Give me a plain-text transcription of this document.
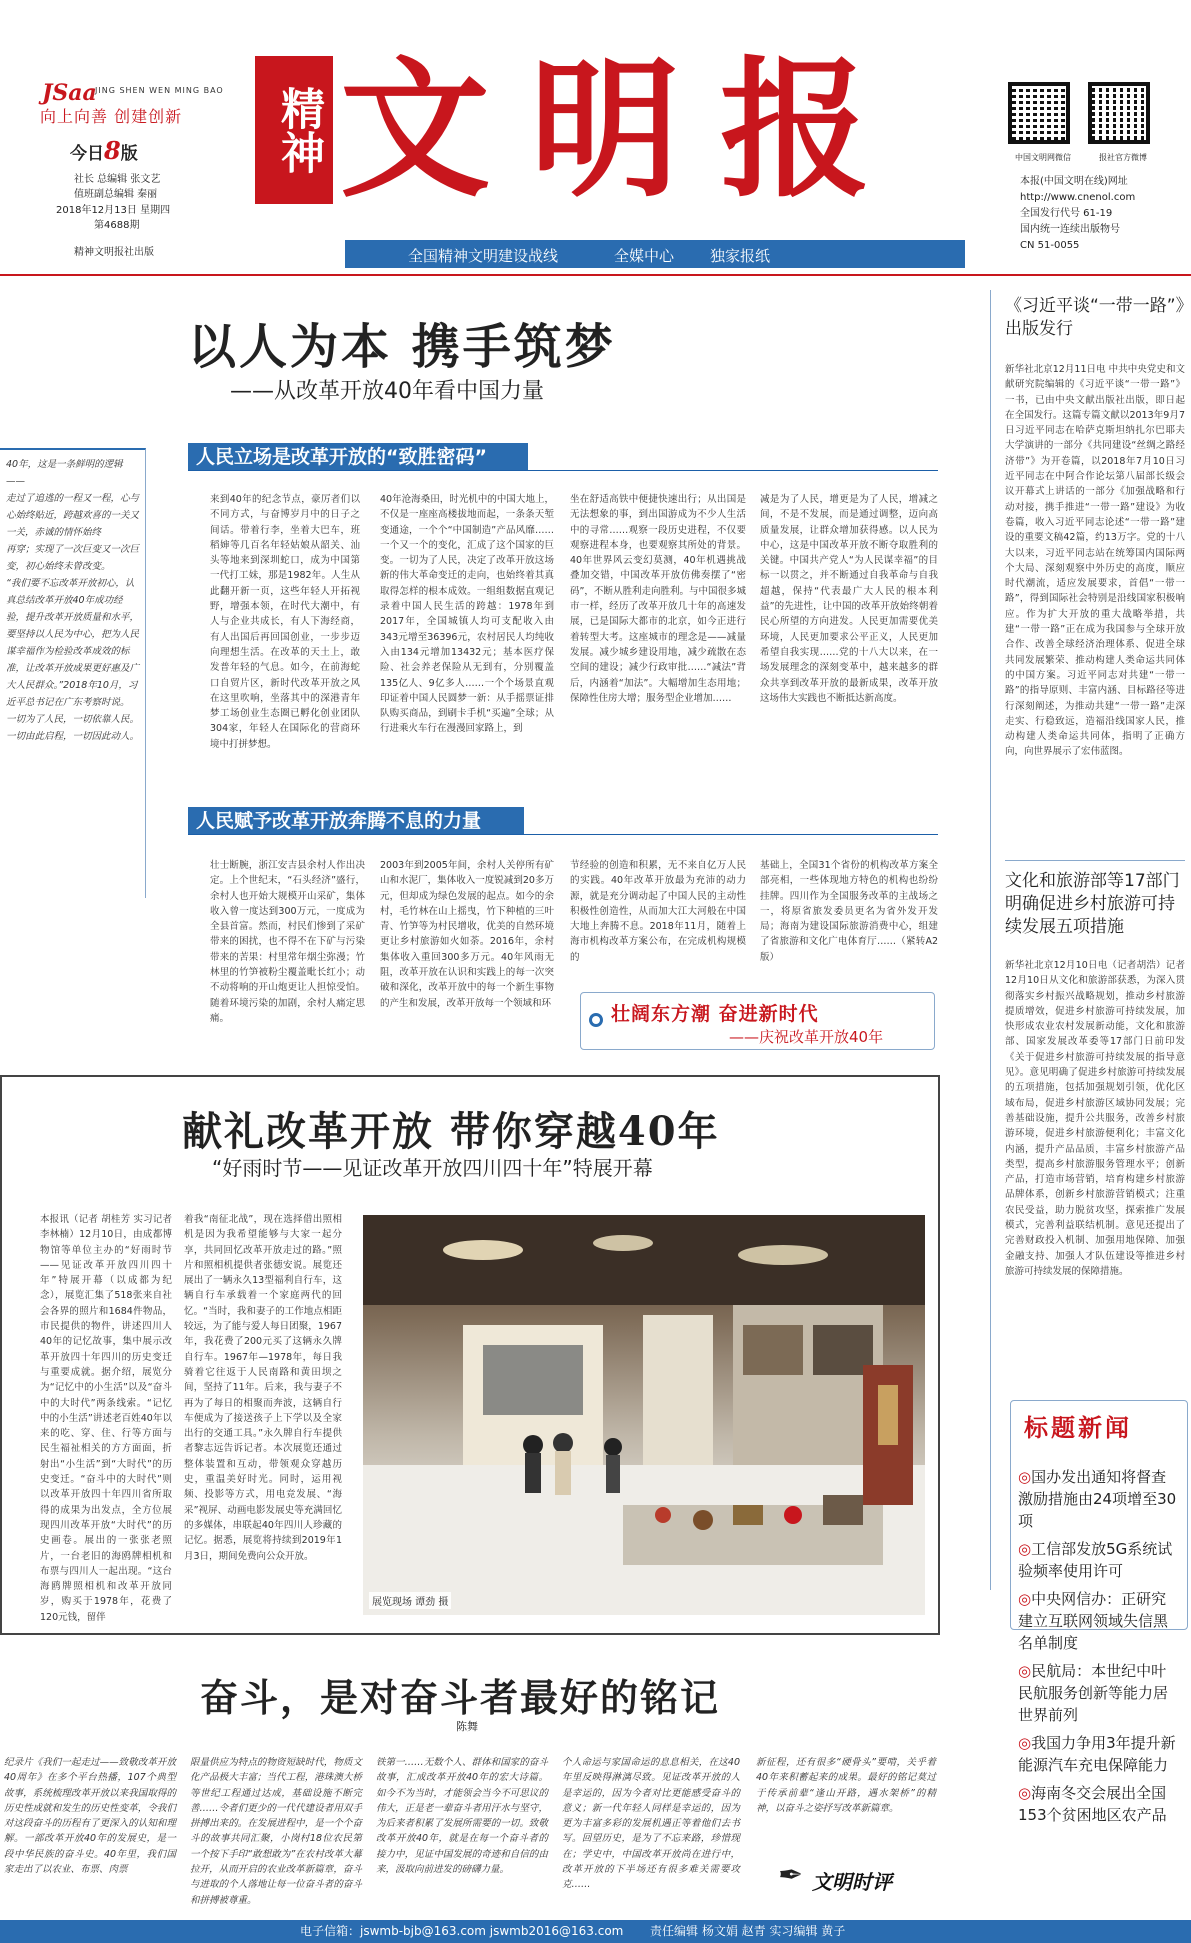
JSaa
JING SHEN WEN MING BAO
向上向善 创建创新
今日8版
社长 总编辑 张文艺
值班副总编辑 秦丽
2018年12月13日 星期四
第4688期
精神文明报社出版
精神 文明报
全国精神文明建设战线	全媒中心 独家报纸
中国文明网微信	报社官方微博
本报(中国文明在线)网址
http://www.cnenol.com
全国发行代号 61-19
国内统一连续出版物号
CN 51-0055
以人为本 携手筑梦
——从改革开放40年看中国力量

40年，这是一条鲜明的逻辑——

走过了追逃的一程又一程，心与心始终贴近，跨越欢喜的一关又一关，赤诚的情怀始终

再穿；实现了一次巨变又一次巨变，初心始终未曾改变。

“我们要不忘改革开放初心，认真总结改革开放40年成功经验，提升改革开放质量和水平，要坚持以人民为中心，把为人民谋幸福作为检验改革成效的标准，让改革开放成果更好惠及广大人民群众。”2018年10月，习近平总书记在广东考察时说。

一切为了人民，一切依靠人民。

一切由此启程，一切因此动人。

人民立场是改革开放的“致胜密码”
来到40年的纪念节点，豪厉者们以不同方式，与奋博岁月中的日子之间话。带着行李，坐着大巴车，班稻婶等几百名年轻姑娘从韶关、汕头等地来到深圳蛇口，成为中国第一代打工妹，那是1982年。人生从此翻开新一页，这些年轻人开拓视野，增强本领，在时代大潮中，有人与企业共成长，有人下海经商，有人出国后再回国创业，一步步迈向理想生活。在改革的天土上，敢发普年轻的气息。如今，在前海蛇口自贸片区，新时代改革开放之风在这里吹响，坐落其中的深港青年梦工场创业生态圈已孵化创业团队304家，年轻人在国际化的营商环境中打拼梦想。
40年沧海桑田，时光机中的中国大地上，不仅是一座座高楼拔地而起，一条条天堑变通途，一个个“中国制造”产品风靡……一个又一个的变化，汇成了这个国家的巨变。一切为了人民，决定了改革开放这场新的伟大革命变迁的走向，也始终着其真取得怎样的根本成效。一组组数据直观记录着中国人民生活的跨越：1978年到2017年，全国城镇人均可支配收入由343元增至36396元，农村居民人均纯收入由134元增加13432元；基本医疗保险、社会养老保险从无到有，分别覆盖135亿人、9亿多人……一个个场景直观印证着中国人民圆梦一新：从手摇票证排队购买商品，到刷卡手机“买遍”全球；从行进乘火车行在漫漫回家路上，到
坐在舒适高铁中便捷快速出行；从出国是无法想象的事，到出国游成为不少人生活中的寻常……观察一段历史进程，不仅要观察进程本身，也要观察其所处的背景。40年世界风云变幻莫测，40年机遇挑战叠加交错，中国改革开放仿佛奏摆了“密码”，不断从胜利走向胜利。与中国很多城市一样，经历了改革开放几十年的高速发展，已是国际大都市的北京，如今正进行着转型大考。这座城市的理念是——减量发展。减少城乡建设用地，减少疏散在态空间的建设；减少行政审批……“减法”背后，内涵着“加法”。大幅增加生态用地；保障性住房大增；服务型企业增加……
减是为了人民，增更是为了人民，增减之间，不是不发展，而是通过调整，迈向高质量发展，让群众增加获得感。以人民为中心，这是中国改革开放不断夺取胜利的关键。中国共产党人“为人民谋幸福”的目标一以贯之，并不断通过自我革命与自我超越，保持“代表最广大人民的根本利益”的先进性，让中国的改革开放始终朝着民心所望的方向进发。人民更加需要优美环境，人民更加要求公平正义，人民更加希望自我实现……党的十八大以来，在一场发展理念的深刻变革中，越来越多的群众共享到改革开放的最新成果，改革开放这场伟大实践也不断抵达新高度。
人民赋予改革开放奔腾不息的力量
壮士断腕，浙江安吉县余村人作出决定。上个世纪末，“石头经济”盛行，余村人也开始大规模开山采矿，集体收入曾一度达到300万元，一度成为全县首富。然而，村民们惨到了采矿带来的困扰，也不得不在下矿与污染带来的苦果：村里常年烟尘弥漫；竹林里的竹笋被粉尘覆盖毗长红小；动不动将响的开山炮更让人担惊受怕。随着环境污染的加剧，余村人痛定思痛。
2003年到2005年间，余村人关停所有矿山和水泥厂，集体收入一度锐减到20多万元，但却成为绿色发展的起点。如今的余村，毛竹林在山上摇曳，竹下种植的三叶青、竹笋等为村民增收，优美的自然环境更让乡村旅游如火如荼。2016年，余村集体收入重回300多万元。40年风雨无阻，改革开放在认识和实践上的每一次突破和深化，改革开放中的每一个新生事物的产生和发展，改革开放每一个领域和环
节经验的创造和积累，无不来自亿万人民的实践。40年改革开放最为充沛的动力源，就是充分调动起了中国人民的主动性积极性创造性，从而加大江大河般在中国大地上奔腾不息。2018年11月，随着上海市机构改革方案公布，在完成机构规模的
基础上，全国31个省份的机构改革方案全部亮相，一些体现地方特色的机构也纷纷挂牌。四川作为全国服务改革的主战场之一，将原省旅发委员更名为省外发开发局；海南为建设国际旅游消费中心，组建了省旅游和文化广电体育厅……（紧转A2版）
壮阔东方潮 奋进新时代
——庆祝改革开放40年
《习近平谈“一带一路”》出版发行
新华社北京12月11日电 中共中央党史和文献研究院编辑的《习近平谈“一带一路”》一书，已由中央文献出版社出版，即日起在全国发行。这篇专篇文献以2013年9月7日习近平同志在哈萨克斯坦纳扎尔巴耶夫大学演讲的一部分《共同建设“丝绸之路经济带”》为开卷篇，以2018年7月10日习近平同志在中阿合作论坛第八届部长级会议开幕式上讲话的一部分《加强战略和行动对接，携手推进“一带一路”建设》为收卷篇，收入习近平同志论述“一带一路”建设的重要文稿42篇，约13万字。党的十八大以来，习近平同志站在统筹国内国际两个大局、深刻观察中外历史的高度，顺应时代潮流，适应发展要求，首倡“一带一路”，得到国际社会特别是沿线国家积极响应。作为扩大开放的重大战略举措，共建“一带一路”正在成为我国参与全球开放合作、改善全球经济治理体系、促进全球共同发展繁荣、推动构建人类命运共同体的中国方案。习近平同志对共建“一带一路”的指导原则、丰富内涵、目标路径等进行深刻阐述，为推动共建“一带一路”走深走实、行稳致远，造福沿线国家人民，推动构建人类命运共同体，指明了正确方向，向世界展示了宏伟蓝图。
文化和旅游部等17部门明确促进乡村旅游可持续发展五项措施
新华社北京12月10日电（记者胡浩）记者12月10日从文化和旅游部获悉，为深入贯彻落实乡村振兴战略规划，推动乡村旅游提质增效，促进乡村旅游可持续发展，加快形成农业农村发展新动能，文化和旅游部、国家发展改革委等17部门日前印发《关于促进乡村旅游可持续发展的指导意见》。意见明确了促进乡村旅游可持续发展的五项措施，包括加强规划引领，优化区域布局，促进乡村旅游区域协同发展；完善基础设施，提升公共服务，改善乡村旅游环境，促进乡村旅游便利化；丰富文化内涵，提升产品品质，丰富乡村旅游产品类型，提高乡村旅游服务管理水平；创新产品，打造市场营销，培育构建乡村旅游品牌体系，创新乡村旅游营销模式；注重农民受益，助力脱贫攻坚，探索推广发展模式，完善利益联结机制。意见还提出了完善财政投入机制、加强用地保障、加强金融支持、加强人才队伍建设等推进乡村旅游可持续发展的保障措施。
标题新闻
◎国办发出通知将督查激励措施由24项增至30项
◎工信部发放5G系统试验频率使用许可
◎中央网信办：正研究建立互联网领域失信黑名单制度
◎民航局：本世纪中叶民航服务创新等能力居世界前列
◎我国力争用3年提升新能源汽车充电保障能力
◎海南冬交会展出全国153个贫困地区农产品
献礼改革开放 带你穿越40年
“好雨时节——见证改革开放四川四十年”特展开幕
本报讯（记者 胡桂芳 实习记者 李林楠）12月10日，由成都博物馆等单位主办的“好雨时节——见证改革开放四川四十年”特展开幕（以成都为纪念），展览汇集了518张来自社会各界的照片和1684件物品，市民提供的物件，讲述四川人40年的记忆故事，集中展示改革开放四十年四川的历史变迁与重要成就。据介绍，展览分为“记忆中的小生活”以及“奋斗中的大时代”两条线索。“记忆中的小生活”讲述老百姓40年以来的吃、穿、住、行等方面与民生福祉相关的方方面面，折射出“小生活”到“大时代”的历史变迁。“奋斗中的大时代”则以改革开放四十年四川省所取得的成果为出发点，全方位展现四川改革开放“大时代”的历史画卷。展出的一张张老照片，一台老旧的海鸥牌相机和布票与四川人一起出现。“这台海鸥牌照相机和改革开放同岁，购买于1978年，花费了120元钱，留伴
着我“南征北战”，现在选择借出照相机是因为我希望能够与大家一起分享，共同回忆改革开放走过的路。”照片和照相机提供者张德安说。展览还展出了一辆永久13型福利自行车，这辆自行车承载着一个家庭两代的回忆。“当时，我和妻子的工作地点相距较远，为了能与爱人每日团聚，1967年，我花费了200元买了这辆永久牌自行车。1967年—1978年，每日我骑着它往返于人民南路和黄田坝之间，坚持了11年。后来，我与妻子不再为了每日的相聚而奔波，这辆自行车便成为了接送孩子上下学以及全家出行的交通工具。”永久牌自行车提供者黎志远告诉记者。本次展览还通过整体装置和互动，带领观众穿越历史，重温美好时光。同时，运用视频、投影等方式，用电竞发展、“海采”视屏、动画电影发展史等充满回忆的多媒体，串联起40年四川人珍藏的记忆。据悉，展览将持续到2019年1月3日，期间免费向公众开放。
展览现场 谭劲 摄
奋斗，是对奋斗者最好的铭记
陈舞
纪录片《我们一起走过——致敬改革开放40周年》在多个平台热播，107个典型故事，系统梳理改革开放以来我国取得的历史性成就和发生的历史性变革，令我们对这段奋斗的历程有了更深入的认知和理解。一部改革开放40年的发展史，是一段中华民族的奋斗史。40年里，我们国家走出了以农业、布票、肉票
限量供应为特点的物资短缺时代，物质文化产品极大丰富；当代工程，港珠澳大桥等世纪工程通过达成，基础设施不断完善……令者们更少的一代代建设者用双手拼搏出来的。在发展进程中，是一个个奋斗的故事共同汇聚，小岗村18位农民第一个按下手印“敢想敢为”在农村改革大幕拉开，从而开启的农业改革新篇章，奋斗与进取的个人落地让每一位奋斗者的奋斗和拼搏被尊重。
铁第一……无数个人、群体和国家的奋斗故事，汇成改革开放40年的宏大诗篇。如今不为当时，才能领会当今不可思议的伟大，正是老一辈奋斗者用汗水与坚守，为后来者积累了发展所需要的一切。致敬改革开放40年，就是在每一个奋斗者的接力中，见证中国发展的奇迹和自信的由来，汲取向前进发的磅礴力量。
个人命运与家国命运的息息相关，在这40年里反映得淋漓尽致。见证改革开放的人是幸运的，因为今者对比更能感受奋斗的意义；新一代年轻人同样是幸运的，因为更为丰富多彩的发展机遇正等着他们去书写。回望历史，是为了不忘来路，珍惜现在；学史中，中国改革开放尚在进行中，改革开放的下半场还有很多难关需要攻克……
新征程，还有很多“硬骨头”要啃，关乎着40年来积蓄起来的成果。最好的铭记莫过于传承前辈“逢山开路，遇水架桥”的精神，以奋斗之姿抒写改革新篇章。
✒ 文明时评
电子信箱： jswmb-bjb@163.com jswmb2016@163.com 责任编辑 杨文娟 赵青 实习编辑 黄子
